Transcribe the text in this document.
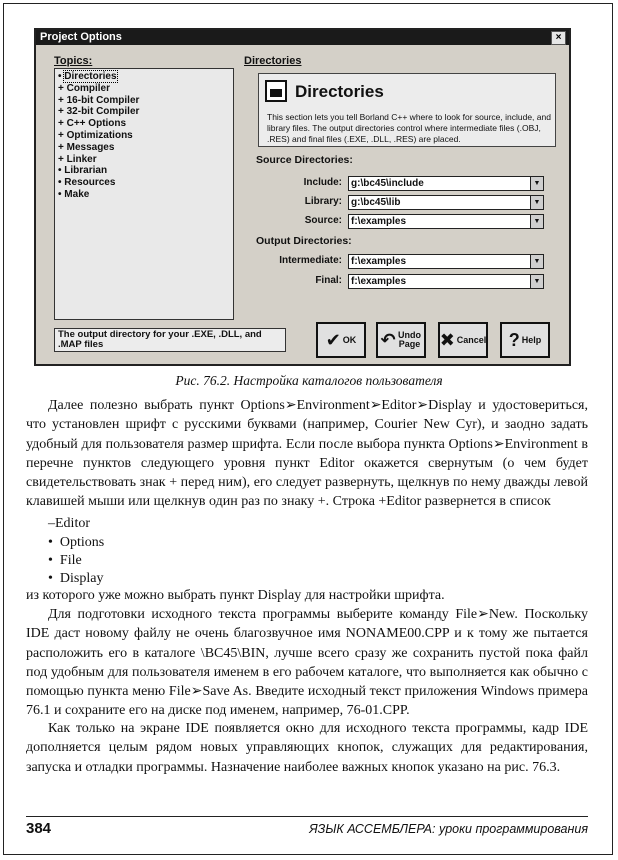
Project Options	×
Topics:
• Directories
+ Compiler
+ 16-bit Compiler
+ 32-bit Compiler
+ C++ Options
+ Optimizations
+ Messages
+ Linker
• Librarian
• Resources
• Make
Directories
Directories
This section lets you tell Borland C++ where to look for source, include, and library files. The output directories control where intermediate files (.OBJ, .RES) and final files (.EXE, .DLL, .RES) are placed.
Source Directories:
Include: g:\bc45\include	▼
Library: g:\bc45\lib	▼
Source: f:\examples	▼
Output Directories:
Intermediate: f:\examples	▼
Final: f:\examples	▼
The output directory for your .EXE, .DLL, and .MAP files	✔ OK ↶ Undo Page ✖ Cancel ? Help
Рис. 76.2. Настройка каталогов пользователя

Далее полезно выбрать пункт Options➢Environment➢Editor➢Display и удостовериться, что установлен шрифт с русскими буквами (например, Courier New Cyr), и заодно задать удобный для пользователя размер шрифта. Если после выбора пункта Options➢Environment в перечне пунктов следующего уровня пункт Editor окажется свернутым (о чем будет свидетельствовать знак + перед ним), его следует развернуть, щелкнув по нему дважды левой клавишей мыши или щелкнув один раз по знаку +. Строка +Editor развернется в список

–Editor
•  Options
•  File
•  Display

из которого уже можно выбрать пункт Display для настройки шрифта.

Для подготовки исходного текста программы выберите команду File➢New. Поскольку IDE даст новому файлу не очень благозвучное имя NONAME00.CPP и к тому же пытается расположить его в каталоге \BC45\BIN, лучше всего сразу же сохранить пустой пока файл под удобным для пользователя именем в его рабочем каталоге, что выполняется как обычно с помощью пункта меню File➢Save As. Введите исходный текст приложения Windows примера 76.1 и сохраните его на диске под именем, например, 76-01.CPP.

Как только на экране IDE появляется окно для исходного текста программы, кадр IDE дополняется целым рядом новых управляющих кнопок, служащих для редактирования, запуска и отладки программы. Назначение наиболее важных кнопок указано на рис. 76.3.

384	ЯЗЫК АССЕМБЛЕРА: уроки программирования
